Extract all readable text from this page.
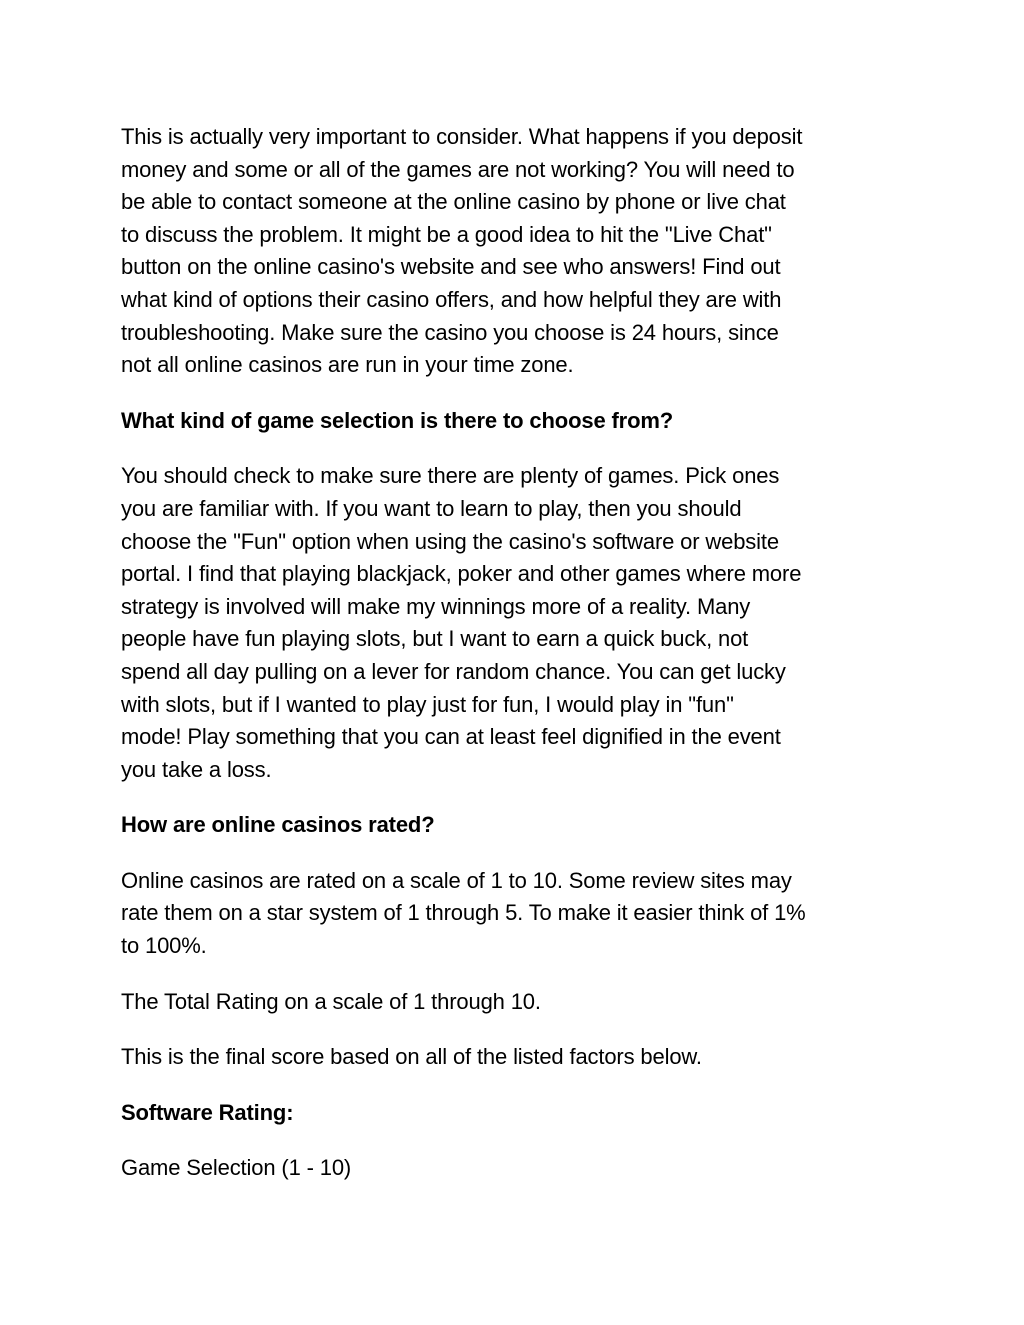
This is actually very important to consider. What happens if you deposit
money and some or all of the games are not working? You will need to
be able to contact someone at the online casino by phone or live chat
to discuss the problem. It might be a good idea to hit the "Live Chat"
button on the online casino's website and see who answers! Find out
what kind of options their casino offers, and how helpful they are with
troubleshooting. Make sure the casino you choose is 24 hours, since
not all online casinos are run in your time zone.

What kind of game selection is there to choose from?

You should check to make sure there are plenty of games. Pick ones
you are familiar with. If you want to learn to play, then you should
choose the "Fun" option when using the casino's software or website
portal. I find that playing blackjack, poker and other games where more
strategy is involved will make my winnings more of a reality. Many
people have fun playing slots, but I want to earn a quick buck, not
spend all day pulling on a lever for random chance. You can get lucky
with slots, but if I wanted to play just for fun, I would play in "fun"
mode! Play something that you can at least feel dignified in the event
you take a loss.

How are online casinos rated?

Online casinos are rated on a scale of 1 to 10. Some review sites may
rate them on a star system of 1 through 5. To make it easier think of 1%
to 100%.

The Total Rating on a scale of 1 through 10.

This is the final score based on all of the listed factors below.

Software Rating:

Game Selection (1 - 10)
